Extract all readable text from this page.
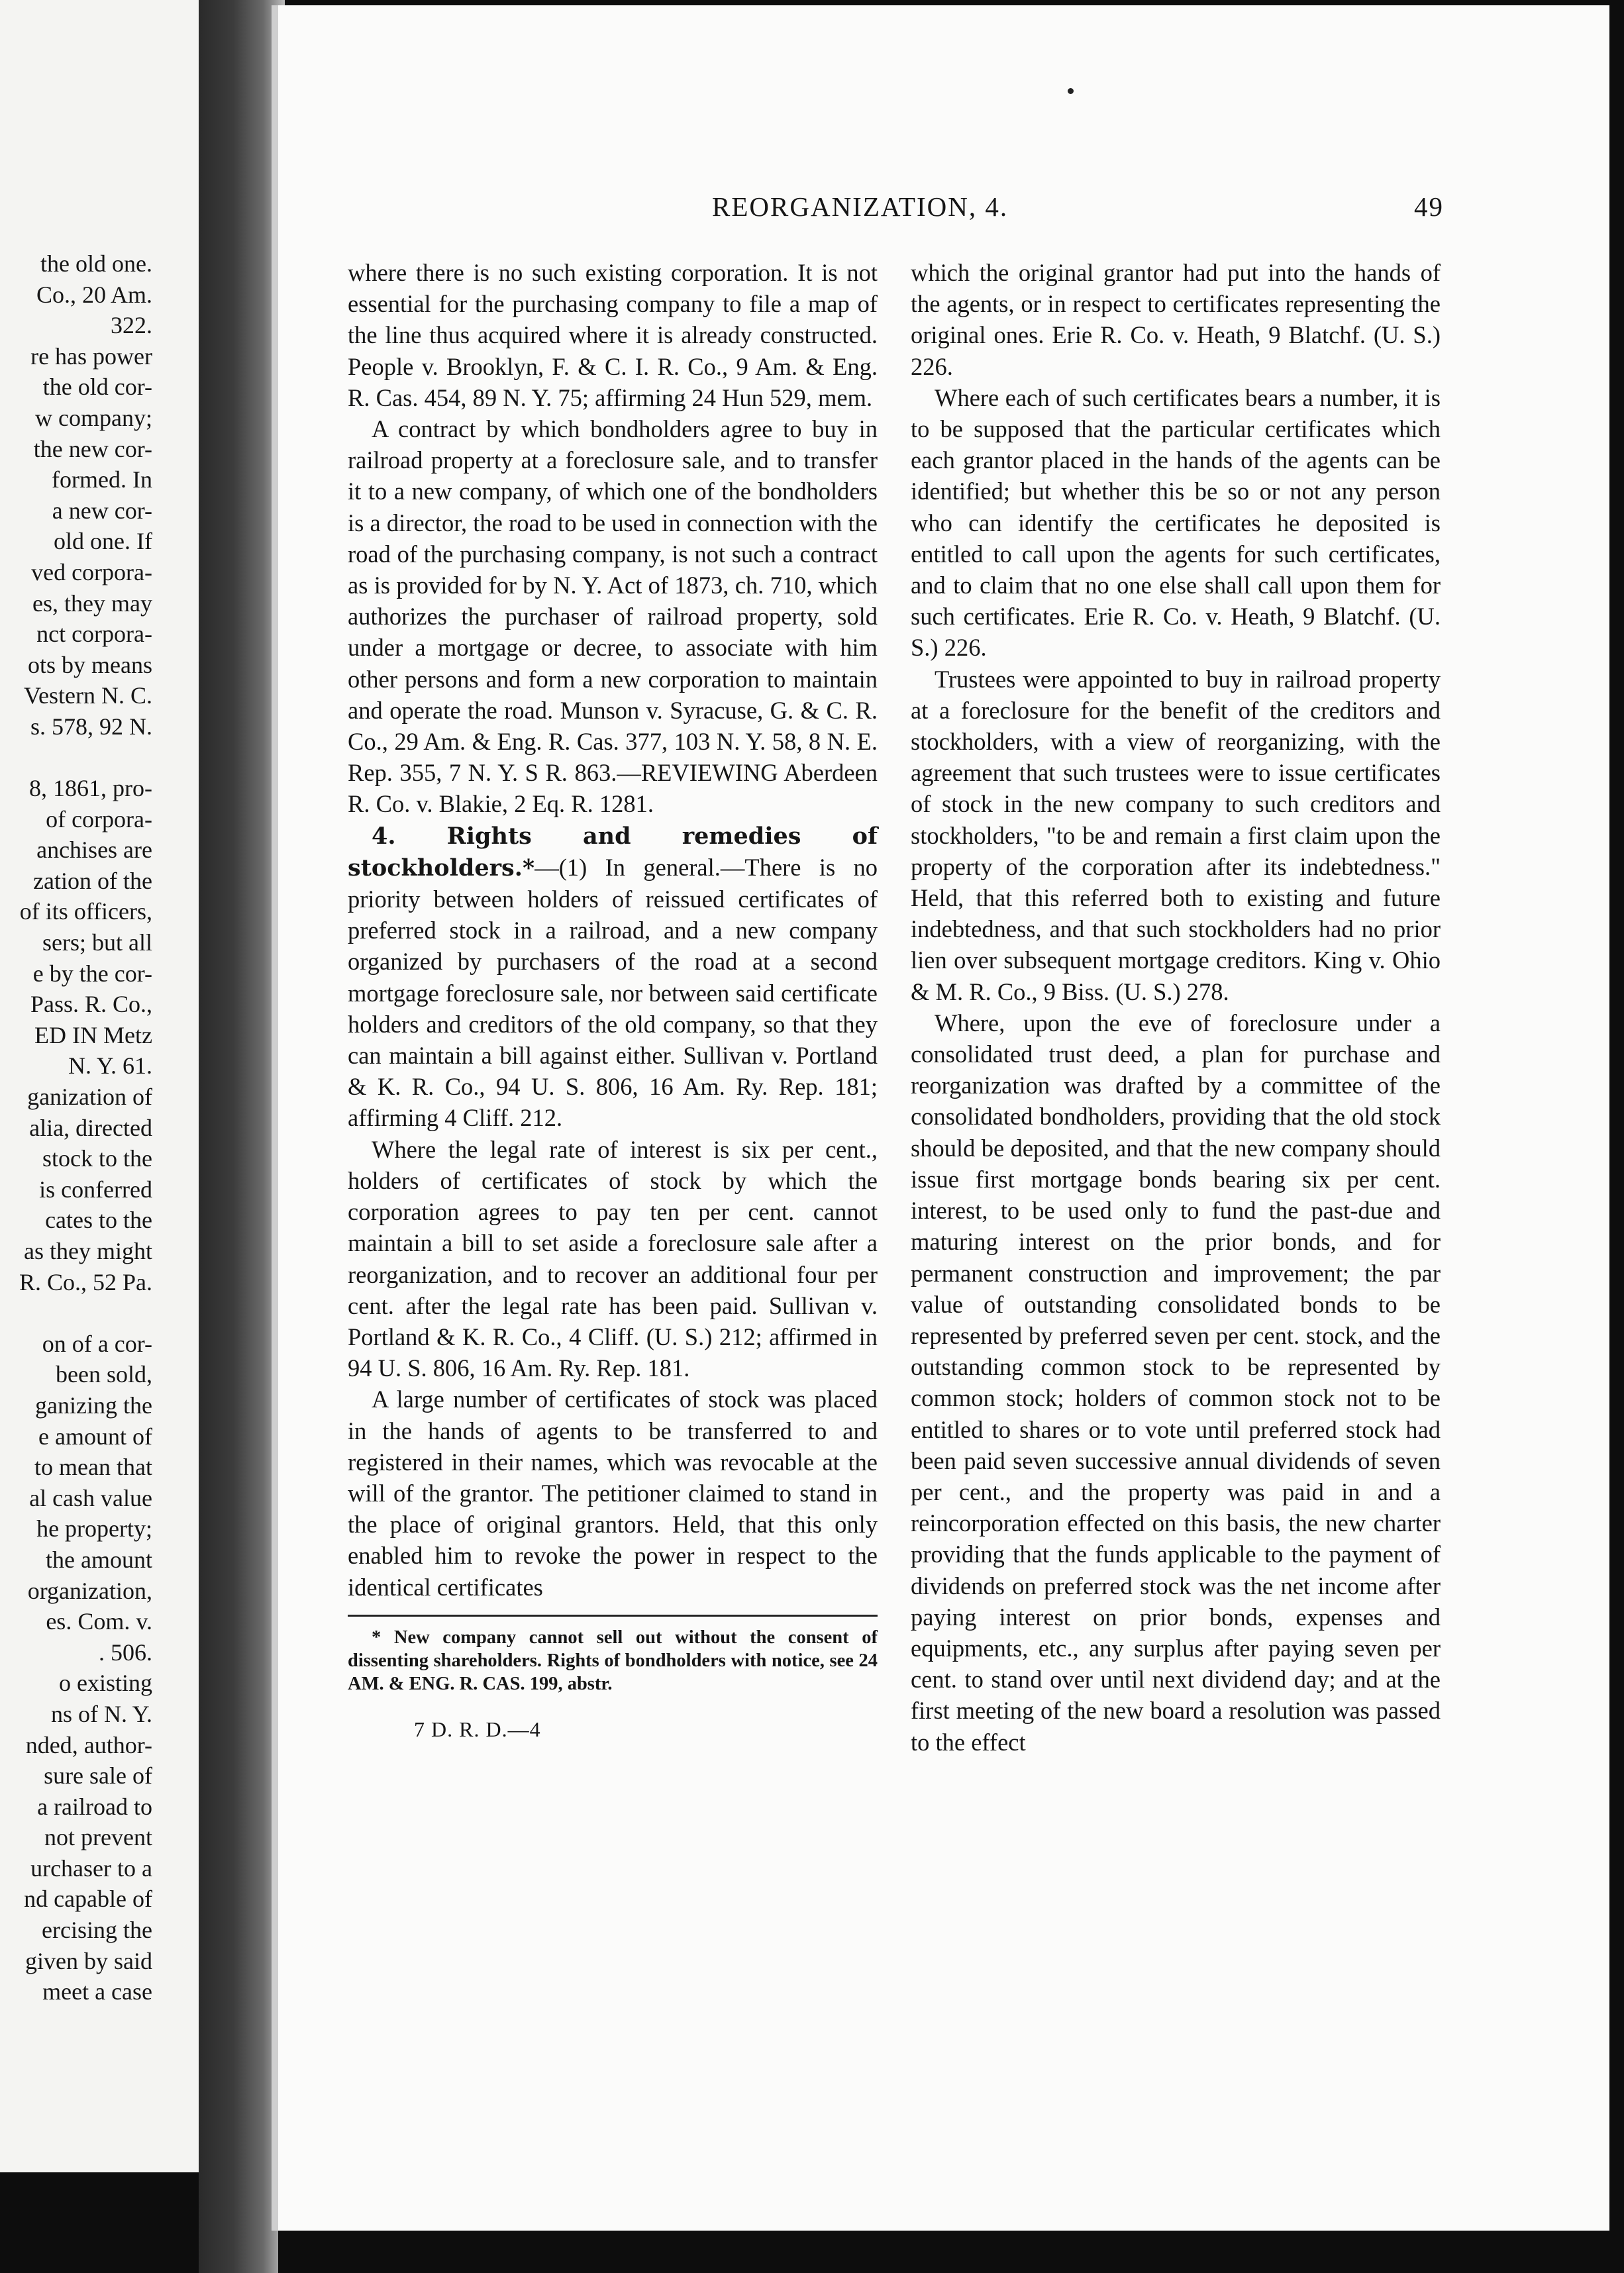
the old one.
Co., 20 Am.
322.
re has power
the old cor-
w company;
the new cor-
formed. In
a new cor-
old one. If
ved corpora-
es, they may
nct corpora-
ots by means
Vestern N. C.
s. 578, 92 N.

8, 1861, pro-
of corpora-
anchises are
zation of the
of its officers,
sers; but all
e by the cor-
Pass. R. Co.,
ED IN Metz
N. Y. 61.
ganization of
alia, directed
stock to the
is conferred
cates to the
as they might
R. Co., 52 Pa.

on of a cor-
been sold,
ganizing the
e amount of
to mean that
al cash value
he property;
the amount
organization,
es. Com. v.
. 506.
o existing
ns of N. Y.
nded, author-
sure sale of
a railroad to
not prevent
urchaser to a
nd capable of
ercising the
given by said
meet a case
REORGANIZATION, 4.	49

where there is no such existing corporation. It is not essential for the purchasing company to file a map of the line thus acquired where it is already constructed. People v. Brooklyn, F. & C. I. R. Co., 9 Am. & Eng. R. Cas. 454, 89 N. Y. 75; affirming 24 Hun 529, mem.

A contract by which bondholders agree to buy in railroad property at a foreclosure sale, and to transfer it to a new company, of which one of the bondholders is a director, the road to be used in connection with the road of the purchasing company, is not such a contract as is provided for by N. Y. Act of 1873, ch. 710, which authorizes the purchaser of railroad property, sold under a mortgage or decree, to associate with him other persons and form a new corporation to maintain and operate the road. Munson v. Syracuse, G. & C. R. Co., 29 Am. & Eng. R. Cas. 377, 103 N. Y. 58, 8 N. E. Rep. 355, 7 N. Y. S R. 863.—REVIEWING Aberdeen R. Co. v. Blakie, 2 Eq. R. 1281.

4. Rights and remedies of stockholders.*—(1) In general.—There is no priority between holders of reissued certificates of preferred stock in a railroad, and a new company organized by purchasers of the road at a second mortgage foreclosure sale, nor between said certificate holders and creditors of the old company, so that they can maintain a bill against either. Sullivan v. Portland & K. R. Co., 94 U. S. 806, 16 Am. Ry. Rep. 181; affirming 4 Cliff. 212.

Where the legal rate of interest is six per cent., holders of certificates of stock by which the corporation agrees to pay ten per cent. cannot maintain a bill to set aside a foreclosure sale after a reorganization, and to recover an additional four per cent. after the legal rate has been paid. Sullivan v. Portland & K. R. Co., 4 Cliff. (U. S.) 212; affirmed in 94 U. S. 806, 16 Am. Ry. Rep. 181.

A large number of certificates of stock was placed in the hands of agents to be transferred to and registered in their names, which was revocable at the will of the grantor. The petitioner claimed to stand in the place of original grantors. Held, that this only enabled him to revoke the power in respect to the identical certificates

* New company cannot sell out without the consent of dissenting shareholders. Rights of bondholders with notice, see 24 AM. & ENG. R. CAS. 199, abstr.
7 D. R. D.—4

which the original grantor had put into the hands of the agents, or in respect to certificates representing the original ones. Erie R. Co. v. Heath, 9 Blatchf. (U. S.) 226.

Where each of such certificates bears a number, it is to be supposed that the particular certificates which each grantor placed in the hands of the agents can be identified; but whether this be so or not any person who can identify the certificates he deposited is entitled to call upon the agents for such certificates, and to claim that no one else shall call upon them for such certificates. Erie R. Co. v. Heath, 9 Blatchf. (U. S.) 226.

Trustees were appointed to buy in railroad property at a foreclosure for the benefit of the creditors and stockholders, with a view of reorganizing, with the agreement that such trustees were to issue certificates of stock in the new company to such creditors and stockholders, "to be and remain a first claim upon the property of the corporation after its indebtedness." Held, that this referred both to existing and future indebtedness, and that such stockholders had no prior lien over subsequent mortgage creditors. King v. Ohio & M. R. Co., 9 Biss. (U. S.) 278.

Where, upon the eve of foreclosure under a consolidated trust deed, a plan for purchase and reorganization was drafted by a committee of the consolidated bondholders, providing that the old stock should be deposited, and that the new company should issue first mortgage bonds bearing six per cent. interest, to be used only to fund the past-due and maturing interest on the prior bonds, and for permanent construction and improvement; the par value of outstanding consolidated bonds to be represented by preferred seven per cent. stock, and the outstanding common stock to be represented by common stock; holders of common stock not to be entitled to shares or to vote until preferred stock had been paid seven successive annual dividends of seven per cent., and the property was paid in and a reincorporation effected on this basis, the new charter providing that the funds applicable to the payment of dividends on preferred stock was the net income after paying interest on prior bonds, expenses and equipments, etc., any surplus after paying seven per cent. to stand over until next dividend day; and at the first meeting of the new board a resolution was passed to the effect
